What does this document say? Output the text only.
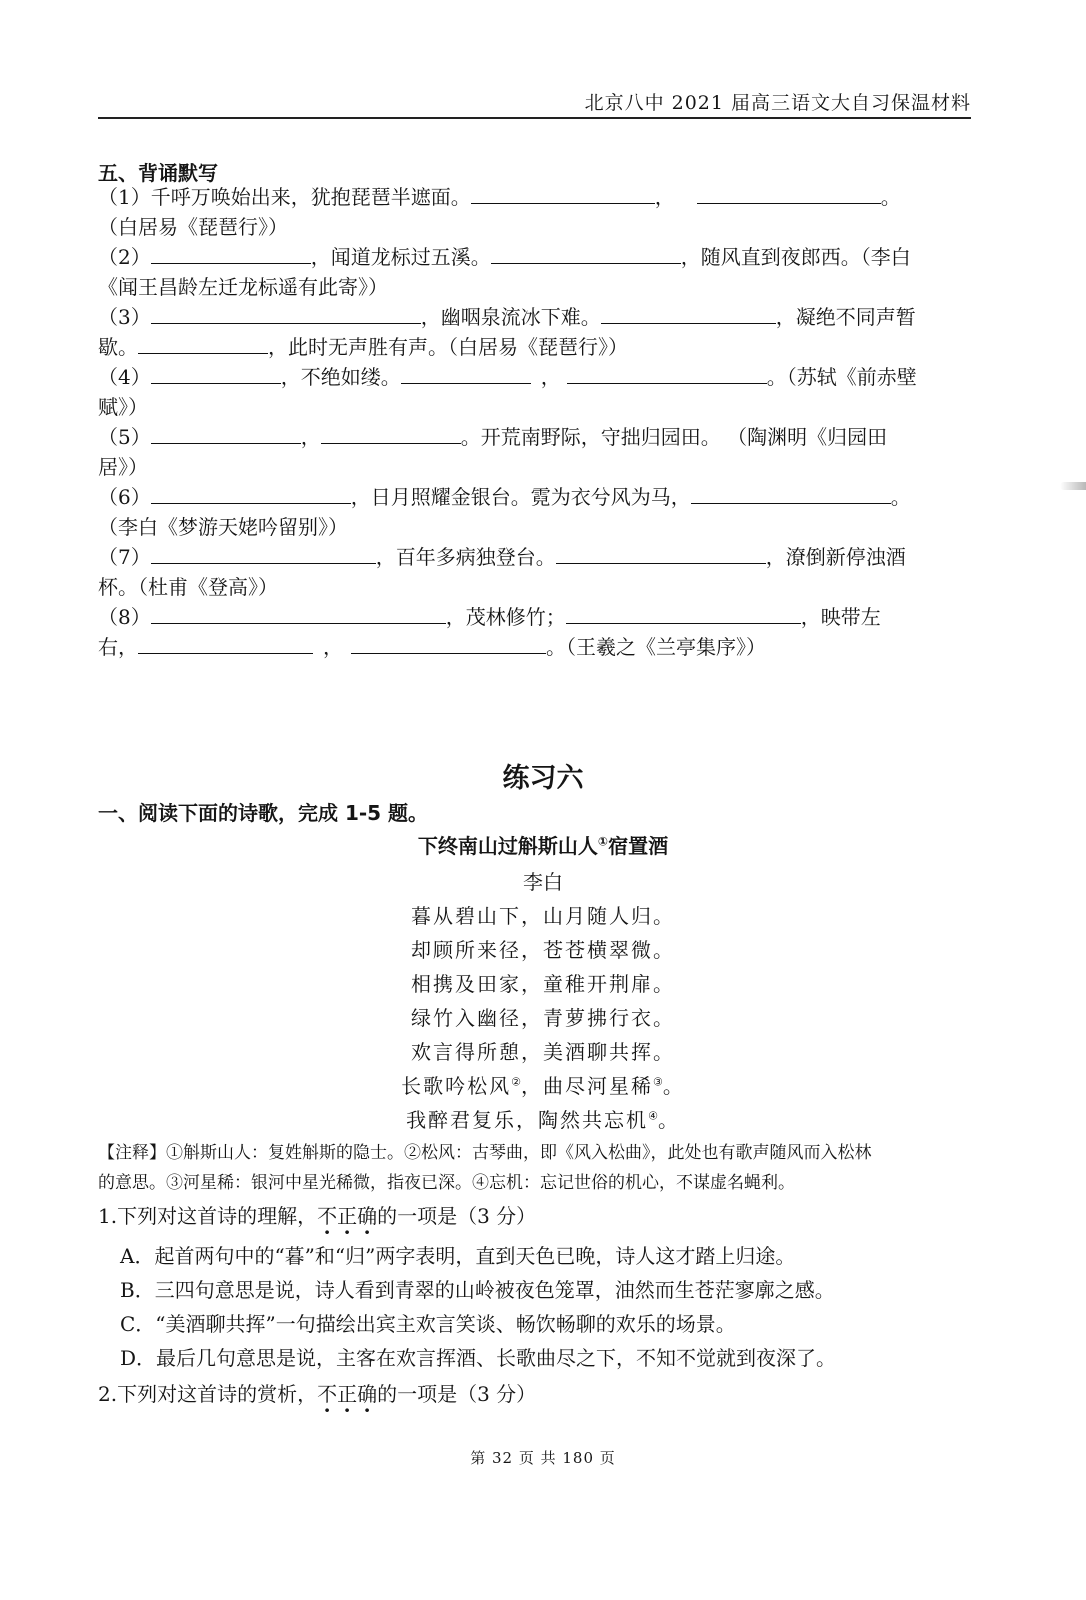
北京八中 2021 届高三语文大自习保温材料
五、背诵默写
（1）千呼万唤始出来，犹抱琵琶半遮面。	，	。
（白居易《琵琶行》）
（2）	，闻道龙标过五溪。	，随风直到夜郎西。（李白
《闻王昌龄左迁龙标遥有此寄》）
（3）	，幽咽泉流冰下难。	，凝绝不同声暂
歇。	，此时无声胜有声。（白居易《琵琶行》）
（4）	，不绝如缕。	，	。（苏轼《前赤壁
赋》）
（5）	，	。开荒南野际，守拙归园田。 （陶渊明《归园田
居》）
（6）	，日月照耀金银台。霓为衣兮风为马，	。
（李白《梦游天姥吟留别》）
（7）	，百年多病独登台。	，潦倒新停浊酒
杯。（杜甫《登高》）
（8）	，茂林修竹；	，映带左
右，	，	。（王羲之《兰亭集序》）
练习六
一、阅读下面的诗歌，完成 1-5 题。
下终南山过斛斯山人①宿置酒
李白
暮从碧山下，山月随人归。
却顾所来径，苍苍横翠微。
相携及田家，童稚开荆扉。
绿竹入幽径，青萝拂行衣。
欢言得所憩，美酒聊共挥。
长歌吟松风②，曲尽河星稀③。
我醉君复乐，陶然共忘机④。
【注释】①斛斯山人：复姓斛斯的隐士。②松风：古琴曲，即《风入松曲》，此处也有歌声随风而入松林
的意思。③河星稀：银河中星光稀微，指夜已深。④忘机：忘记世俗的机心，不谋虚名蝇利。
1.下列对这首诗的理解，不正确的一项是（3 分）
A．起首两句中的“暮”和“归”两字表明，直到天色已晚，诗人这才踏上归途。
B．三四句意思是说，诗人看到青翠的山岭被夜色笼罩，油然而生苍茫寥廓之感。
C．“美酒聊共挥”一句描绘出宾主欢言笑谈、畅饮畅聊的欢乐的场景。
D．最后几句意思是说，主客在欢言挥酒、长歌曲尽之下，不知不觉就到夜深了。
2.下列对这首诗的赏析，不正确的一项是（3 分）
第 32 页 共 180 页
